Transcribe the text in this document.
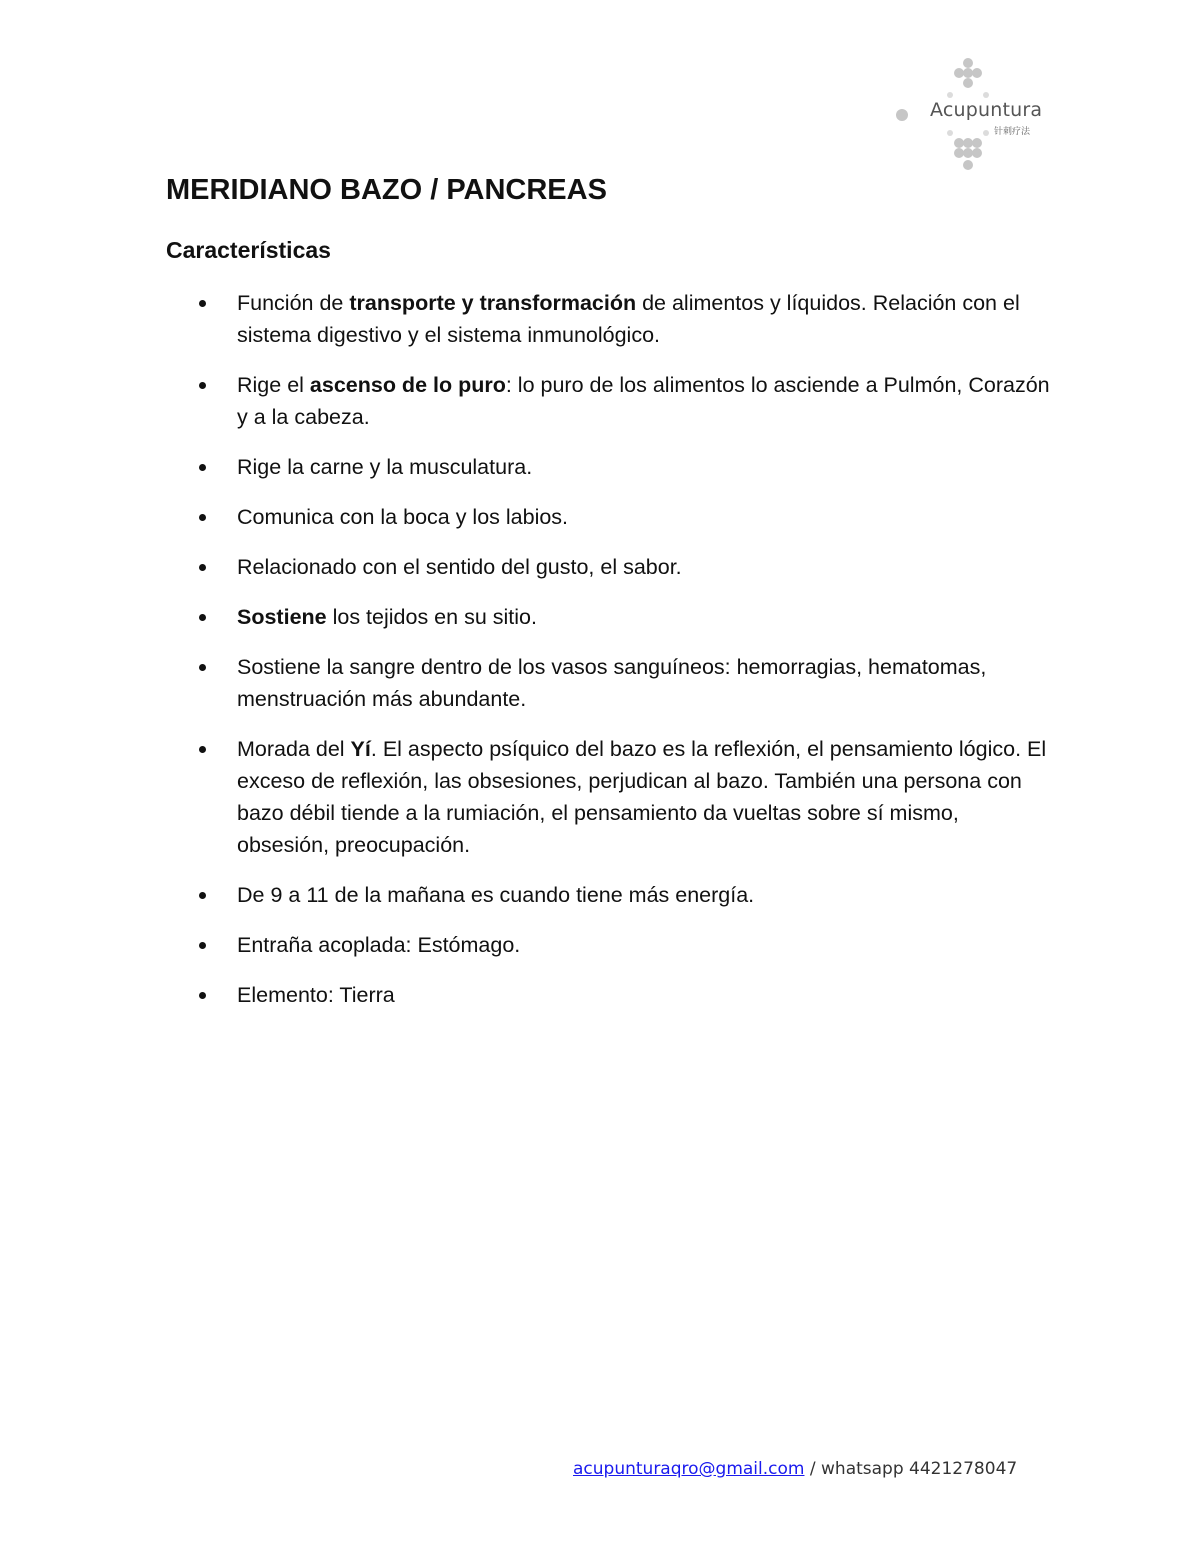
Acupuntura
针刺疗法
MERIDIANO BAZO / PANCREAS
Características
Función de transporte y transformación de alimentos y líquidos. Relación con el sistema digestivo y el sistema inmunológico.
Rige el ascenso de lo puro: lo puro de los alimentos lo asciende a Pulmón, Corazón y a la cabeza.
Rige la carne y la musculatura.
Comunica con la boca y los labios.
Relacionado con el sentido del gusto, el sabor.
Sostiene los tejidos en su sitio.
Sostiene la sangre dentro de los vasos sanguíneos: hemorragias, hematomas, menstruación más abundante.
Morada del Yí. El aspecto psíquico del bazo es la reflexión, el pensamiento lógico. El exceso de reflexión, las obsesiones, perjudican al bazo. También una persona con bazo débil tiende a la rumiación, el pensamiento da vueltas sobre sí mismo, obsesión, preocupación.
De 9 a 11 de la mañana es cuando tiene más energía.
Entraña acoplada: Estómago.
Elemento: Tierra
acupunturaqro@gmail.com / whatsapp 4421278047
